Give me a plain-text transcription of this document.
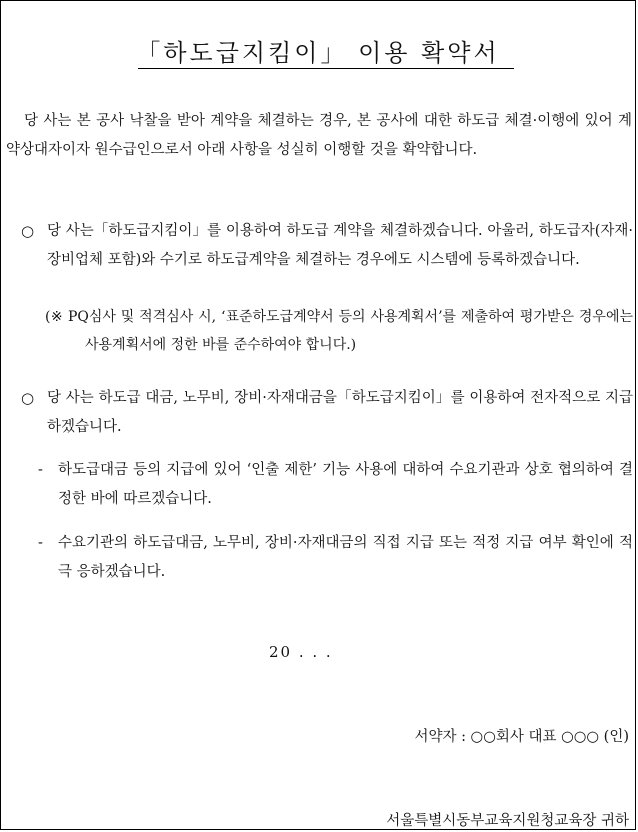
「하도급지킴이」 이용 확약서
당 사는 본 공사 낙찰을 받아 계약을 체결하는 경우, 본 공사에 대한 하도급 체결·이행에 있어 계약상대자이자 원수급인으로서 아래 사항을 성실히 이행할 것을 확약합니다.
○ 당 사는「하도급지킴이」를 이용하여 하도급 계약을 체결하겠습니다. 아울러, 하도급자(자재·장비업체 포함)와 수기로 하도급계약을 체결하는 경우에도 시스템에 등록하겠습니다.
(※ PQ심사 및 적격심사 시, ‘표준하도급계약서 등의 사용계획서’를 제출하여 평가받은 경우에는 사용계획서에 정한 바를 준수하여야 합니다.)
○ 당 사는 하도급 대금, 노무비, 장비·자재대금을「하도급지킴이」를 이용하여 전자적으로 지급하겠습니다.
-	하도급대금 등의 지급에 있어 ‘인출 제한’ 기능 사용에 대하여 수요기관과 상호 협의하여 결정한 바에 따르겠습니다.
-	수요기관의 하도급대금, 노무비, 장비·자재대금의 직접 지급 또는 적정 지급 여부 확인에 적극 응하겠습니다.
20 . . .
서약자 : ○○회사 대표 ○○○ (인)
서울특별시동부교육지원청교육장 귀하
